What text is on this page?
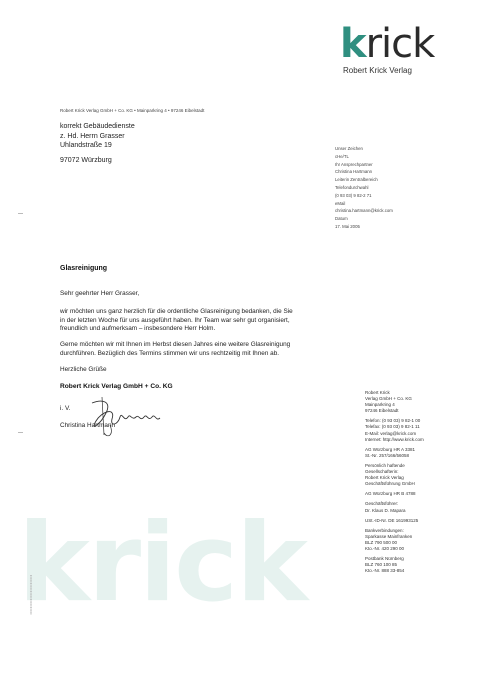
krick
Robert Krick Verlag
Robert Krick Verlag GmbH + Co. KG • Mainparkring 4 • 97246 Eibelstadt
korrekt Gebäudedienste
z. Hd. Herrn Grasser
Uhlandstraße 19
97072 Würzburg
Unser Zeichen
cHe/TL
Ihr Ansprechpartner
Christina Hartmann
Leiterin Zentralbereich
Telefondurchwahl
(0 93 03) 9 82-2 71
eMail
christina.hartmann@krick.com
Datum
17. Mai 2005
Glasreinigung
Sehr geehrter Herr Grasser,
wir möchten uns ganz herzlich für die ordentliche Glasreinigung bedanken, die Sie
in der letzten Woche für uns ausgeführt haben. Ihr Team war sehr gut organisiert,
freundlich und aufmerksam – insbesondere Herr Holm.
Gerne möchten wir mit Ihnen im Herbst diesen Jahres eine weitere Glasreinigung
durchführen. Bezüglich des Termins stimmen wir uns rechtzeitig mit Ihnen ab.
Herzliche Grüße
Robert Krick Verlag GmbH + Co. KG
i. V.
Christina Hartmann
Robert Krick
Verlag GmbH + Co. KG
Mainparkring 4
97246 Eibelstadt
Telefon: (0 93 03) 9 82-1 00
Telefax: (0 93 03) 9 82-1 11
E-Mail: verlag@krick.com
Internet: http://www.krick.com
AG Würzburg HR A 3381
St.-Nr. 257/166/56058
Persönlich haftende
Gesellschafterin:
Robert Krick Verlag
Geschäftsführung GmbH
AG Würzburg HR B 4788
Geschäftsführer:
Dr. Klaus D. Mapara
USt.-ID-Nr. DE 161993125
Bankverbindungen:
Sparkasse Mainfranken
BLZ 790 500 00
Kto.-Nr. 420 290 00
Postbank Nürnberg
BLZ 760 100 85
Kto.-Nr. 888 33-854
krick
